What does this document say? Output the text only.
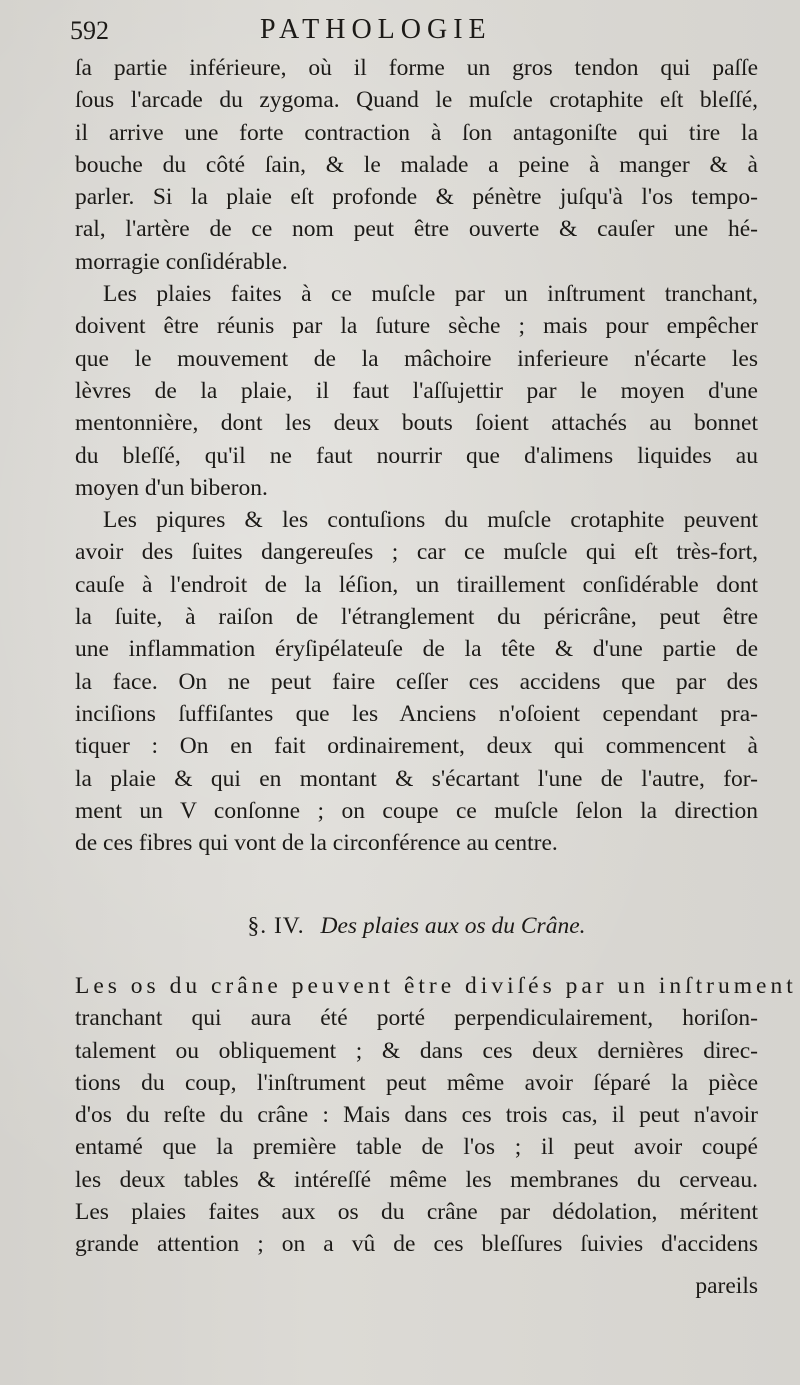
592	PATHOLOGIE
ſa partie inférieure, où il forme un gros tendon qui paſſe
ſous l'arcade du zygoma. Quand le muſcle crotaphite eſt bleſſé,
il arrive une forte contraction à ſon antagoniſte qui tire la
bouche du côté ſain, & le malade a peine à manger & à
parler. Si la plaie eſt profonde & pénètre juſqu'à l'os tempo-
ral, l'artère de ce nom peut être ouverte & cauſer une hé-
morragie conſidérable.
Les plaies faites à ce muſcle par un inſtrument tranchant,
doivent être réunis par la ſuture sèche ; mais pour empêcher
que le mouvement de la mâchoire inferieure n'écarte les
lèvres de la plaie, il faut l'aſſujettir par le moyen d'une
mentonnière, dont les deux bouts ſoient attachés au bonnet
du bleſſé, qu'il ne faut nourrir que d'alimens liquides au
moyen d'un biberon.
Les piqures & les contuſions du muſcle crotaphite peuvent
avoir des ſuites dangereuſes ; car ce muſcle qui eſt très-fort,
cauſe à l'endroit de la léſion, un tiraillement conſidérable dont
la ſuite, à raiſon de l'étranglement du péricrâne, peut être
une inflammation éryſipélateuſe de la tête & d'une partie de
la face. On ne peut faire ceſſer ces accidens que par des
inciſions ſuffiſantes que les Anciens n'oſoient cependant pra-
tiquer : On en fait ordinairement, deux qui commencent à
la plaie & qui en montant & s'écartant l'une de l'autre, for-
ment un V conſonne ; on coupe ce muſcle ſelon la direction
de ces fibres qui vont de la circonférence au centre.
§. IV. Des plaies aux os du Crâne.
Les os du crâne peuvent être diviſés par un inſtrument
tranchant qui aura été porté perpendiculairement, horiſon-
talement ou obliquement ; & dans ces deux dernières direc-
tions du coup, l'inſtrument peut même avoir ſéparé la pièce
d'os du reſte du crâne : Mais dans ces trois cas, il peut n'avoir
entamé que la première table de l'os ; il peut avoir coupé
les deux tables & intéreſſé même les membranes du cerveau.
Les plaies faites aux os du crâne par dédolation, méritent
grande attention ; on a vû de ces bleſſures ſuivies d'accidens
pareils
